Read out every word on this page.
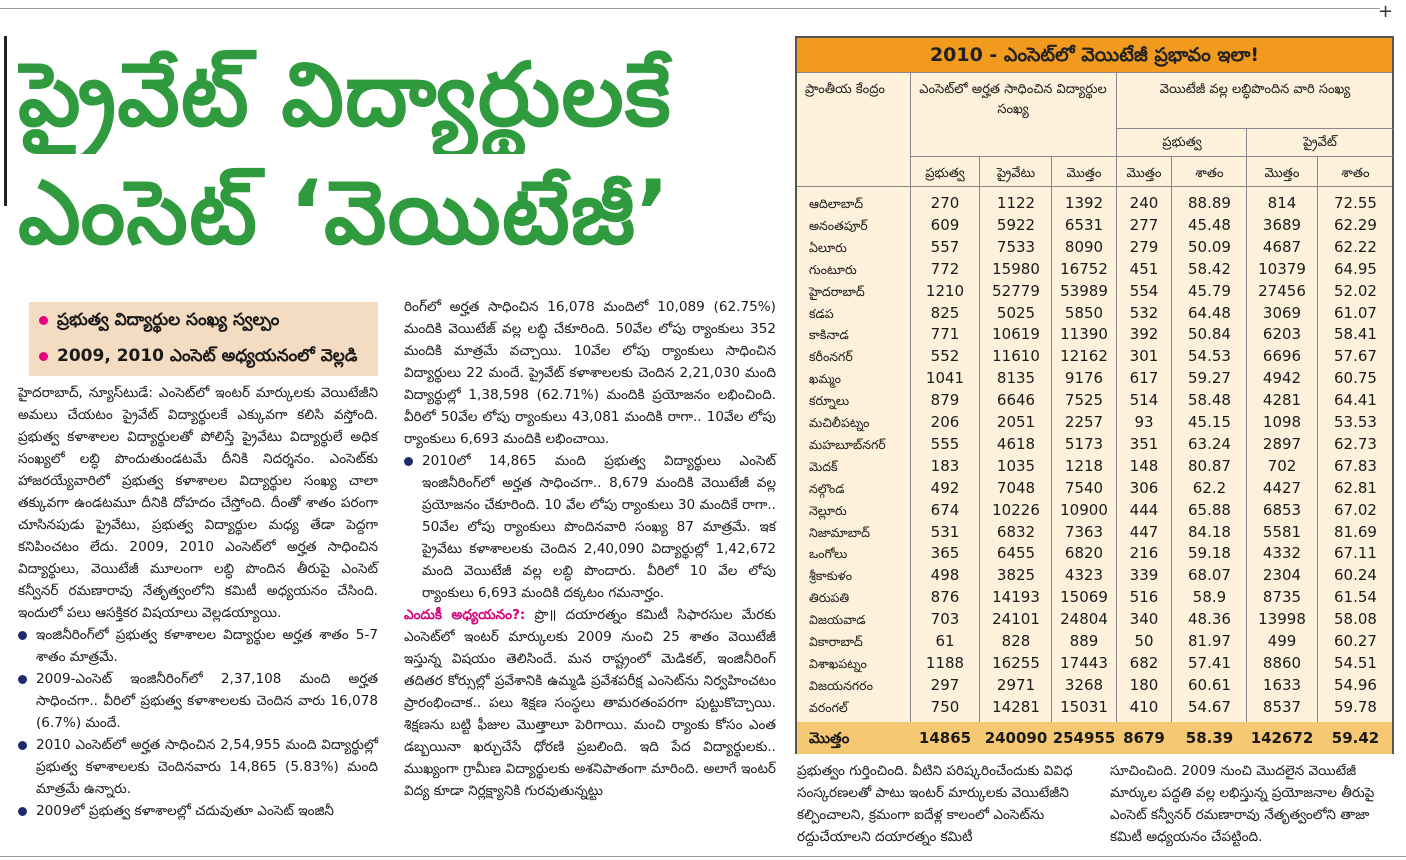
+
ప్రైవేట్ విద్యార్థులకే
ఎంసెట్ ‘వెయిటేజీ’
ప్రభుత్వ విద్యార్థుల సంఖ్య స్వల్పం
2009, 2010 ఎంసెట్ అధ్యయనంలో వెల్లడి

హైదరాబాద్, న్యూస్‌టుడే: ఎంసెట్‌లో ఇంటర్ మార్కులకు వెయిటేజీని అమలు చేయటం ప్రైవేట్ విద్యార్థులకే ఎక్కువగా కలిసి వస్తోంది. ప్రభుత్వ కళాశాలల విద్యార్థులతో పోలిస్తే ప్రైవేటు విద్యార్థులే అధిక సంఖ్యలో లబ్ధి పొందుతుండటమే దీనికి నిదర్శనం. ఎంసెట్‌కు హాజరయ్యేవారిలో ప్రభుత్వ కళాశాలల విద్యార్థుల సంఖ్య చాలా తక్కువగా ఉండటమూ దీనికి దోహదం చేస్తోంది. దీంతో శాతం పరంగా చూసినపుడు ప్రైవేటు, ప్రభుత్వ విద్యార్థుల మధ్య తేడా పెద్దగా కనిపించటం లేదు. 2009, 2010 ఎంసెట్‌లో అర్హత సాధించిన విద్యార్థులు, వెయిటేజీ మూలంగా లబ్ధి పొందిన తీరుపై ఎంసెట్ కన్వీనర్ రమణారావు నేతృత్వంలోని కమిటీ అధ్యయనం చేసింది. ఇందులో పలు ఆసక్తికర విషయాలు వెల్లడయ్యాయి.

ఇంజినీరింగ్‌లో ప్రభుత్వ కళాశాలల విద్యార్థుల అర్హత శాతం 5-7 శాతం మాత్రమే.
2009-ఎంసెట్ ఇంజినీరింగ్‌లో 2,37,108 మంది అర్హత సాధించగా.. వీరిలో ప్రభుత్వ కళాశాలలకు చెందిన వారు 16,078 (6.7%) మందే.
2010 ఎంసెట్‌లో అర్హత సాధించిన 2,54,955 మంది విద్యార్థుల్లో ప్రభుత్వ కళాశాలలకు చెందినవారు 14,865 (5.83%) మంది మాత్రమే ఉన్నారు.
2009లో ప్రభుత్వ కళాశాలల్లో చదువుతూ ఎంసెట్ ఇంజినీ

రింగ్‌లో అర్హత సాధించిన 16,078 మందిలో 10,089 (62.75%) మందికి వెయిటేజ్ వల్ల లబ్ధి చేకూరింది. 50వేల లోపు ర్యాంకులు 352 మందికి మాత్రమే వచ్చాయి. 10వేల లోపు ర్యాంకులు సాధించిన విద్యార్థులు 22 మందే. ప్రైవేట్ కళాశాలలకు చెందిన 2,21,030 మంది విద్యార్థుల్లో 1,38,598 (62.71%) మందికి ప్రయోజనం లభించింది. వీరిలో 50వేల లోపు ర్యాంకులు 43,081 మందికి రాగా.. 10వేల లోపు ర్యాంకులు 6,693 మందికి లభించాయి.

2010లో 14,865 మంది ప్రభుత్వ విద్యార్థులు ఎంసెట్ ఇంజినీరింగ్‌లో అర్హత సాధించగా.. 8,679 మందికి వెయిటేజీ వల్ల ప్రయోజనం చేకూరింది. 10 వేల లోపు ర్యాంకులు 30 మందికే రాగా.. 50వేల లోపు ర్యాంకులు పొందినవారి సంఖ్య 87 మాత్రమే. ఇక ప్రైవేటు కళాశాలలకు చెందిన 2,40,090 విద్యార్థుల్లో 1,42,672 మంది వెయిటేజీ వల్ల లబ్ధి పొందారు. వీరిలో 10 వేల లోపు ర్యాంకులు 6,693 మందికి దక్కటం గమనార్హం.

ఎందుకీ అధ్యయనం?: ప్రొ॥ దయారత్నం కమిటీ సిఫారసుల మేరకు ఎంసెట్‌లో ఇంటర్ మార్కులకు 2009 నుంచి 25 శాతం వెయిటేజీ ఇస్తున్న విషయం తెలిసిందే. మన రాష్ట్రంలో మెడికల్, ఇంజినీరింగ్ తదితర కోర్సుల్లో ప్రవేశానికి ఉమ్మడి ప్రవేశపరీక్ష ఎంసెట్‌ను నిర్వహించటం ప్రారంభించాక.. పలు శిక్షణ సంస్థలు తామరతంపరగా పుట్టుకొచ్చాయి. శిక్షణను బట్టి ఫీజుల మొత్తాలూ పెరిగాయి. మంచి ర్యాంకు కోసం ఎంత డబ్బయినా ఖర్చుచేసే ధోరణి ప్రబలింది. ఇది పేద విద్యార్థులకు.. ముఖ్యంగా గ్రామీణ విద్యార్థులకు అశనిపాతంగా మారింది. అలాగే ఇంటర్ విద్య కూడా నిర్లక్ష్యానికి గురవుతున్నట్టు

2010 - ఎంసెట్‌లో వెయిటేజీ ప్రభావం ఇలా!
ప్రాంతీయ కేంద్రం	ఎంసెట్‌లో అర్హత సాధించిన విద్యార్థుల సంఖ్య
వెయిటేజీ వల్ల లబ్ధిపొందిన వారి సంఖ్య
ప్రభుత్వ	ప్రైవేట్
ప్రభుత్వ	ప్రైవేటు	మొత్తం	మొత్తం	శాతం	మొత్తం	శాతం
ఆదిలాబాద్	270	1122	1392	240	88.89	814	72.55
అనంతపూర్	609	5922	6531	277	45.48	3689	62.29
ఏలూరు	557	7533	8090	279	50.09	4687	62.22
గుంటూరు	772	15980	16752	451	58.42	10379	64.95
హైదరాబాద్	1210	52779	53989	554	45.79	27456	52.02
కడప	825	5025	5850	532	64.48	3069	61.07
కాకినాడ	771	10619	11390	392	50.84	6203	58.41
కరీంనగర్	552	11610	12162	301	54.53	6696	57.67
ఖమ్మం	1041	8135	9176	617	59.27	4942	60.75
కర్నూలు	879	6646	7525	514	58.48	4281	64.41
మచిలీపట్నం	206	2051	2257	93	45.15	1098	53.53
మహబూబ్‌నగర్	555	4618	5173	351	63.24	2897	62.73
మెదక్	183	1035	1218	148	80.87	702	67.83
నల్గొండ	492	7048	7540	306	62.2	4427	62.81
నెల్లూరు	674	10226	10900	444	65.88	6853	67.02
నిజామాబాద్	531	6832	7363	447	84.18	5581	81.69
ఒంగోలు	365	6455	6820	216	59.18	4332	67.11
శ్రీకాకుళం	498	3825	4323	339	68.07	2304	60.24
తిరుపతి	876	14193	15069	516	58.9	8735	61.54
విజయవాడ	703	24101	24804	340	48.36	13998	58.08
వికారాబాద్	61	828	889	50	81.97	499	60.27
విశాఖపట్నం	1188	16255	17443	682	57.41	8860	54.51
విజయనగరం	297	2971	3268	180	60.61	1633	54.96
వరంగల్	750	14281	15031	410	54.67	8537	59.78
మొత్తం	14865 240090 254955 8679	58.39	142672	59.42
ప్రభుత్వం గుర్తించింది. వీటిని పరిష్కరించేందుకు వివిధ సంస్కరణలతో పాటు ఇంటర్ మార్కులకు వెయిటేజీని కల్పించాలని, క్రమంగా ఐదేళ్ల కాలంలో ఎంసెట్‌ను రద్దుచేయాలని దయారత్నం కమిటీ
సూచించింది. 2009 నుంచి మొదలైన వెయిటేజీ మార్కుల పద్ధతి వల్ల లభిస్తున్న ప్రయోజనాల తీరుపై ఎంసెట్ కన్వీనర్ రమణారావు నేతృత్వంలోని తాజా కమిటీ అధ్యయనం చేపట్టింది.
